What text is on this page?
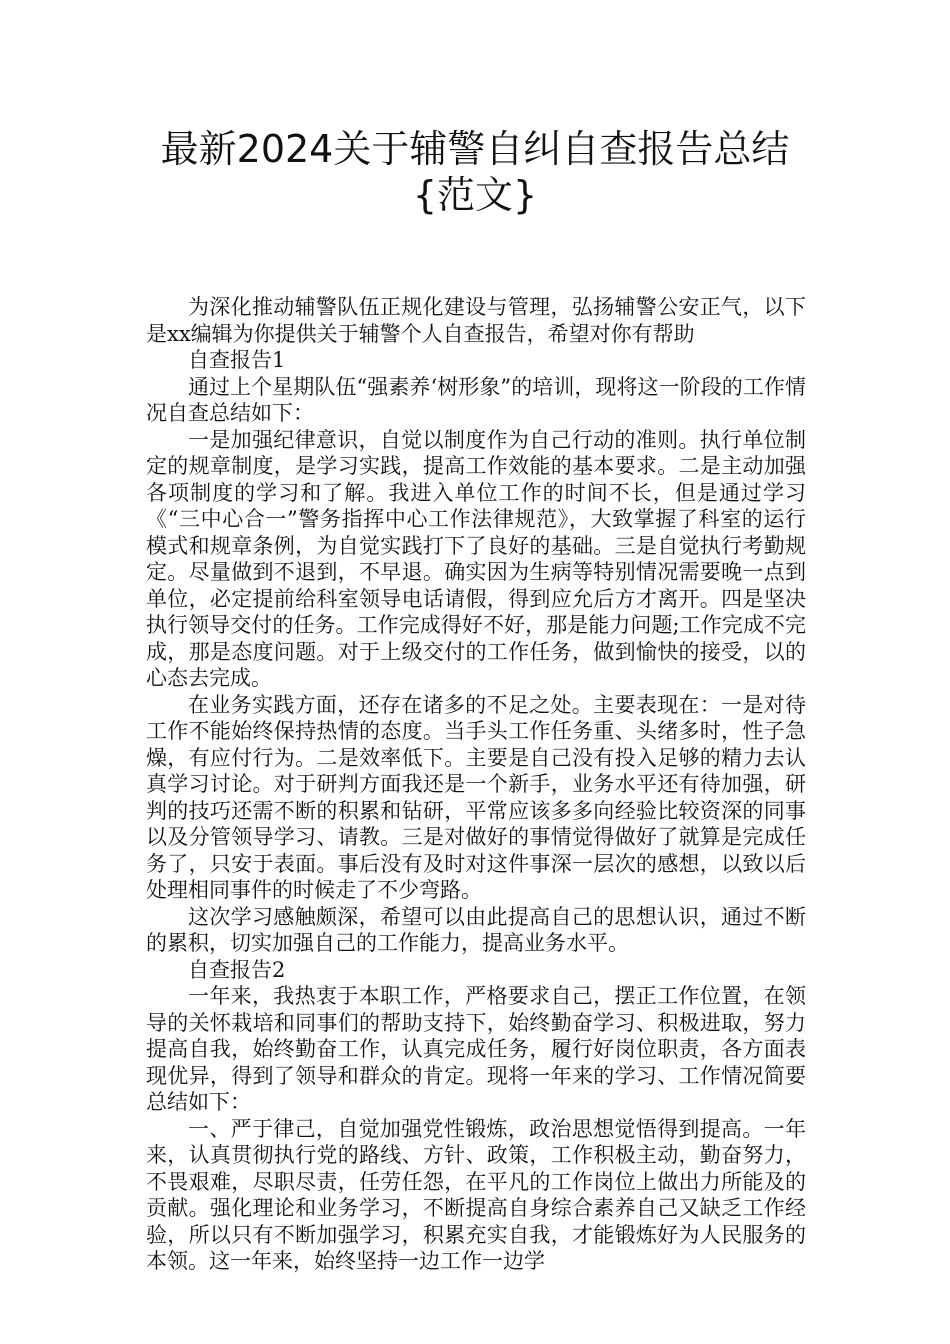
最新2024关于辅警自纠自查报告总结
{范文}

为深化推动辅警队伍正规化建设与管理，弘扬辅警公安正气，以下是xx编辑为你提供关于辅警个人自查报告，希望对你有帮助

自查报告1

通过上个星期队伍“强素养‘树形象”的培训，现将这一阶段的工作情况自查总结如下：

一是加强纪律意识，自觉以制度作为自己行动的准则。执行单位制定的规章制度，是学习实践，提高工作效能的基本要求。二是主动加强各项制度的学习和了解。我进入单位工作的时间不长，但是通过学习《“三中心合一”警务指挥中心工作法律规范》，大致掌握了科室的运行模式和规章条例，为自觉实践打下了良好的基础。三是自觉执行考勤规定。尽量做到不退到，不早退。确实因为生病等特别情况需要晚一点到单位，必定提前给科室领导电话请假，得到应允后方才离开。四是坚决执行领导交付的任务。工作完成得好不好，那是能力问题;工作完成不完成，那是态度问题。对于上级交付的工作任务，做到愉快的接受，以的心态去完成。

在业务实践方面，还存在诸多的不足之处。主要表现在：一是对待工作不能始终保持热情的态度。当手头工作任务重、头绪多时，性子急燥，有应付行为。二是效率低下。主要是自己没有投入足够的精力去认真学习讨论。对于研判方面我还是一个新手，业务水平还有待加强，研判的技巧还需不断的积累和钻研，平常应该多多向经验比较资深的同事以及分管领导学习、请教。三是对做好的事情觉得做好了就算是完成任务了，只安于表面。事后没有及时对这件事深一层次的感想，以致以后处理相同事件的时候走了不少弯路。

这次学习感触颇深，希望可以由此提高自己的思想认识，通过不断的累积，切实加强自己的工作能力，提高业务水平。

自查报告2

一年来，我热衷于本职工作，严格要求自己，摆正工作位置，在领导的关怀栽培和同事们的帮助支持下，始终勤奋学习、积极进取，努力提高自我，始终勤奋工作，认真完成任务，履行好岗位职责，各方面表现优异，得到了领导和群众的肯定。现将一年来的学习、工作情况简要总结如下：

一、严于律己，自觉加强党性锻炼，政治思想觉悟得到提高。一年来，认真贯彻执行党的路线、方针、政策，工作积极主动，勤奋努力，不畏艰难，尽职尽责，任劳任怨，在平凡的工作岗位上做出力所能及的贡献。强化理论和业务学习，不断提高自身综合素养自己又缺乏工作经验，所以只有不断加强学习，积累充实自我，才能锻炼好为人民服务的本领。这一年来，始终坚持一边工作一边学
